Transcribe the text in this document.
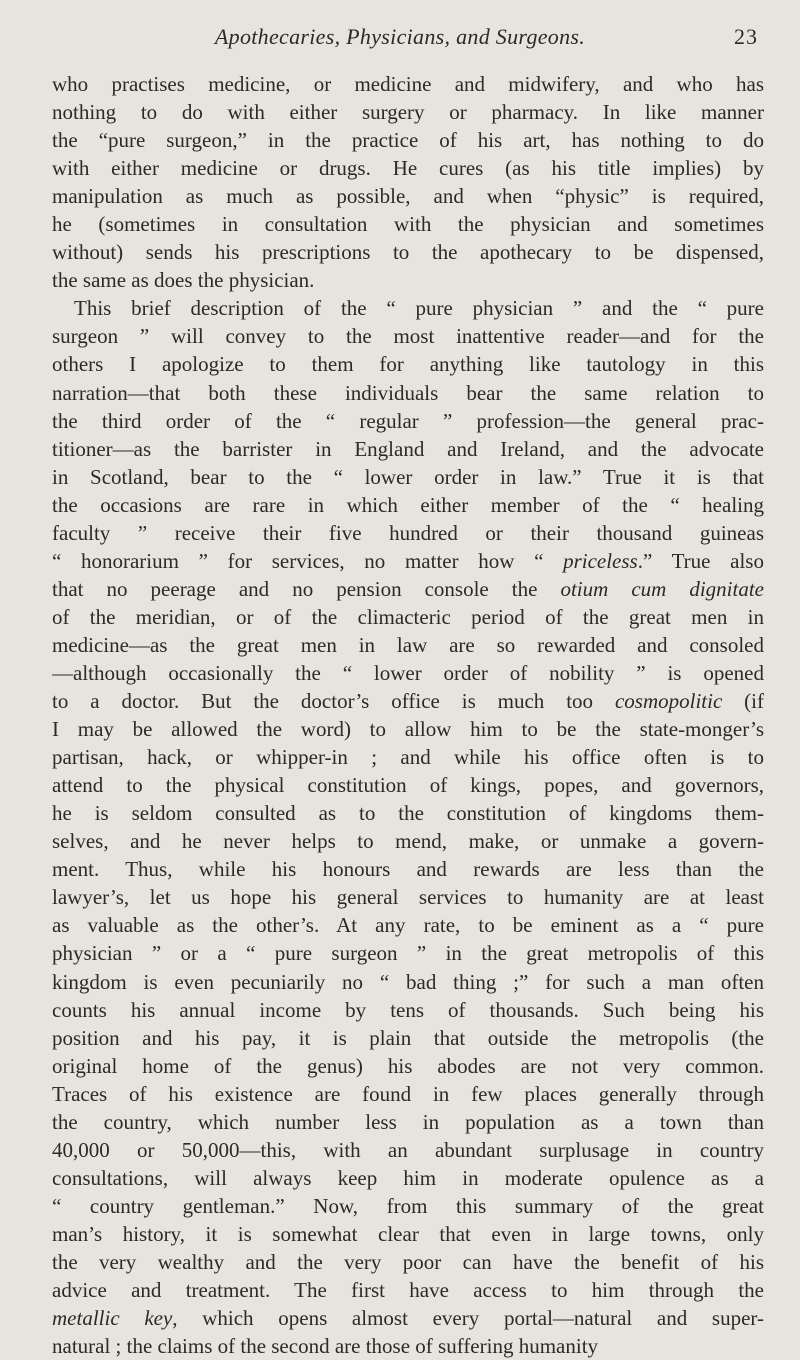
Apothecaries, Physicians, and Surgeons.	23
who practises medicine, or medicine and midwifery, and who has
nothing to do with either surgery or pharmacy. In like manner
the “pure surgeon,” in the practice of his art, has nothing to do
with either medicine or drugs. He cures (as his title implies) by
manipulation as much as possible, and when “physic” is required,
he (sometimes in consultation with the physician and sometimes
without) sends his prescriptions to the apothecary to be dispensed,
the same as does the physician.
This brief description of the “ pure physician ” and the “ pure
surgeon ” will convey to the most inattentive reader—and for the
others I apologize to them for anything like tautology in this
narration—that both these individuals bear the same relation to
the third order of the “ regular ” profession—the general prac-
titioner—as the barrister in England and Ireland, and the advocate
in Scotland, bear to the “ lower order in law.” True it is that
the occasions are rare in which either member of the “ healing
faculty ” receive their five hundred or their thousand guineas
“ honorarium ” for services, no matter how “ priceless.” True also
that no peerage and no pension console the otium cum dignitate
of the meridian, or of the climacteric period of the great men in
medicine—as the great men in law are so rewarded and consoled
—although occasionally the “ lower order of nobility ” is opened
to a doctor. But the doctor’s office is much too cosmopolitic (if
I may be allowed the word) to allow him to be the state-monger’s
partisan, hack, or whipper-in ; and while his office often is to
attend to the physical constitution of kings, popes, and governors,
he is seldom consulted as to the constitution of kingdoms them-
selves, and he never helps to mend, make, or unmake a govern-
ment. Thus, while his honours and rewards are less than the
lawyer’s, let us hope his general services to humanity are at least
as valuable as the other’s. At any rate, to be eminent as a “ pure
physician ” or a “ pure surgeon ” in the great metropolis of this
kingdom is even pecuniarily no “ bad thing ;” for such a man often
counts his annual income by tens of thousands. Such being his
position and his pay, it is plain that outside the metropolis (the
original home of the genus) his abodes are not very common.
Traces of his existence are found in few places generally through
the country, which number less in population as a town than
40,000 or 50,000—this, with an abundant surplusage in country
consultations, will always keep him in moderate opulence as a
“ country gentleman.” Now, from this summary of the great
man’s history, it is somewhat clear that even in large towns, only
the very wealthy and the very poor can have the benefit of his
advice and treatment. The first have access to him through the
metallic key, which opens almost every portal—natural and super-
natural ; the claims of the second are those of suffering humanity
